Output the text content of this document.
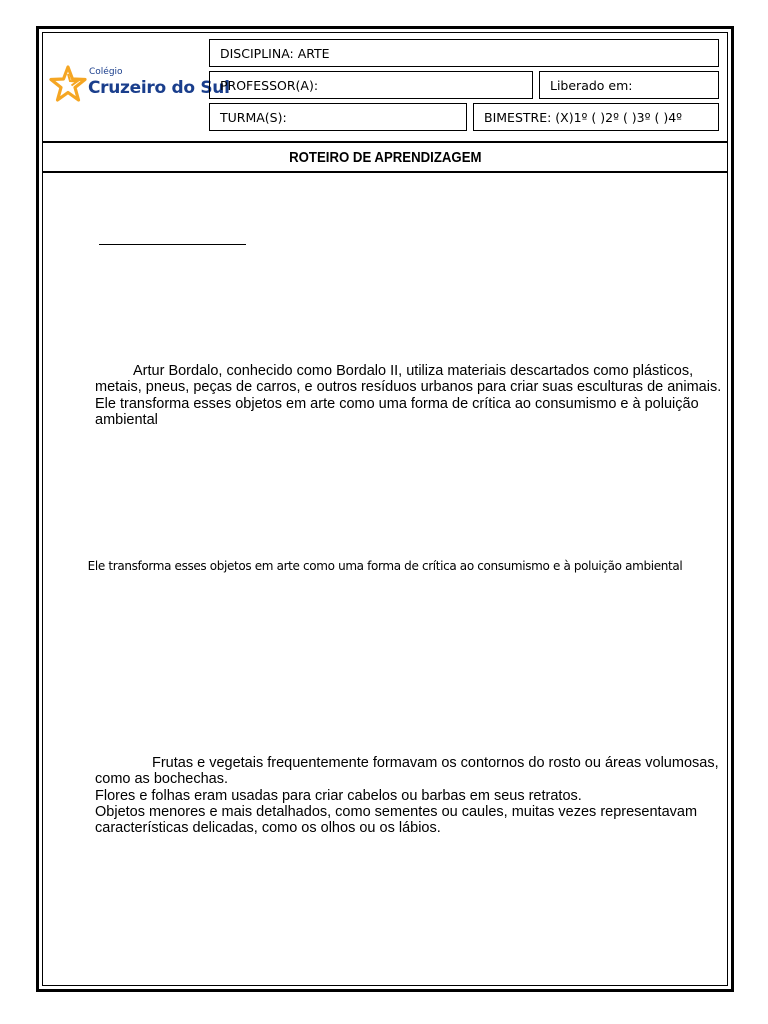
Colégio
Cruzeiro do Sul
DISCIPLINA: ARTE
PROFESSOR(A):	Liberado em:
TURMA(S):	BIMESTRE: (X)1º ( )2º ( )3º ( )4º
ROTEIRO DE APRENDIZAGEM

Artur Bordalo, conhecido como Bordalo II, utiliza materiais descartados como plásticos, metais, pneus, peças de carros, e outros resíduos urbanos para criar suas esculturas de animais. Ele transforma esses objetos em arte como uma forma de crítica ao consumismo e à poluição ambiental

Ele transforma esses objetos em arte como uma forma de crítica ao consumismo e à poluição ambiental

Frutas e vegetais frequentemente formavam os contornos do rosto ou áreas volumosas, como as bochechas.

Flores e folhas eram usadas para criar cabelos ou barbas em seus retratos.

Objetos menores e mais detalhados, como sementes ou caules, muitas vezes representavam características delicadas, como os olhos ou os lábios.
